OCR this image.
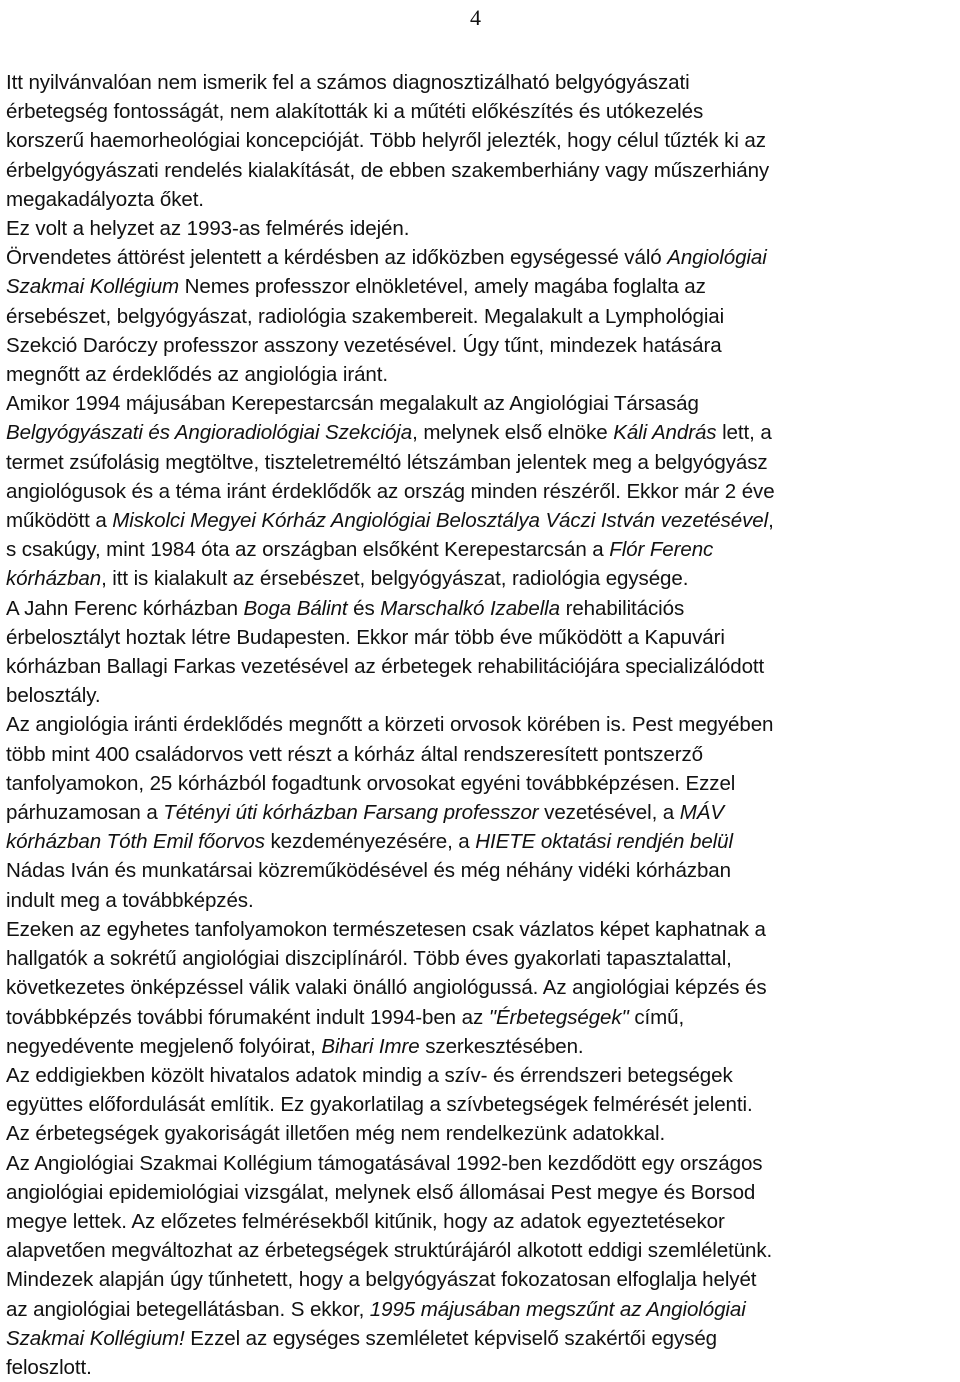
4
Itt nyilvánvalóan nem ismerik fel a számos diagnosztizálható belgyógyászati
érbetegség fontosságát, nem alakították ki a műtéti előkészítés és utókezelés
korszerű haemorheológiai koncepcióját. Több helyről jelezték, hogy célul tűzték ki az
érbelgyógyászati rendelés kialakítását, de ebben szakemberhiány vagy műszerhiány
megakadályozta őket.
Ez volt a helyzet az 1993-as felmérés idején.
Örvendetes áttörést jelentett a kérdésben az időközben egységessé váló Angiológiai
Szakmai Kollégium Nemes professzor elnökletével, amely magába foglalta az
érsebészet, belgyógyászat, radiológia szakembereit. Megalakult a Lymphológiai
Szekció Daróczy professzor asszony vezetésével. Úgy tűnt, mindezek hatására
megnőtt az érdeklődés az angiológia iránt.
Amikor 1994 májusában Kerepestarcsán megalakult az Angiológiai Társaság
Belgyógyászati és Angioradiológiai Szekciója, melynek első elnöke Káli András lett, a
termet zsúfolásig megtöltve, tiszteletreméltó létszámban jelentek meg a belgyógyász
angiológusok és a téma iránt érdeklődők az ország minden részéről. Ekkor már 2 éve
működött a Miskolci Megyei Kórház Angiológiai Belosztálya Váczi István vezetésével,
s csakúgy, mint 1984 óta az országban elsőként Kerepestarcsán a Flór Ferenc
kórházban, itt is kialakult az érsebészet, belgyógyászat, radiológia egysége.
A Jahn Ferenc kórházban Boga Bálint és Marschalkó Izabella rehabilitációs
érbelosztályt hoztak létre Budapesten. Ekkor már több éve működött a Kapuvári
kórházban Ballagi Farkas vezetésével az érbetegek rehabilitációjára specializálódott
belosztály.
Az angiológia iránti érdeklődés megnőtt a körzeti orvosok körében is. Pest megyében
több mint 400 családorvos vett részt a kórház által rendszeresített pontszerző
tanfolyamokon, 25 kórházból fogadtunk orvosokat egyéni továbbképzésen. Ezzel
párhuzamosan a Tétényi úti kórházban Farsang professzor vezetésével, a MÁV
kórházban Tóth Emil főorvos kezdeményezésére, a HIETE oktatási rendjén belül
Nádas Iván és munkatársai közreműködésével és még néhány vidéki kórházban
indult meg a továbbképzés.
Ezeken az egyhetes tanfolyamokon természetesen csak vázlatos képet kaphatnak a
hallgatók a sokrétű angiológiai diszciplínáról. Több éves gyakorlati tapasztalattal,
következetes önképzéssel válik valaki önálló angiológussá. Az angiológiai képzés és
továbbképzés további fórumaként indult 1994-ben az "Érbetegségek" című,
negyedévente megjelenő folyóirat, Bihari Imre szerkesztésében.
Az eddigiekben közölt hivatalos adatok mindig a szív- és érrendszeri betegségek
együttes előfordulását említik. Ez gyakorlatilag a szívbetegségek felmérését jelenti.
Az érbetegségek gyakoriságát illetően még nem rendelkezünk adatokkal.
Az Angiológiai Szakmai Kollégium támogatásával 1992-ben kezdődött egy országos
angiológiai epidemiológiai vizsgálat, melynek első állomásai Pest megye és Borsod
megye lettek. Az előzetes felmérésekből kitűnik, hogy az adatok egyeztetésekor
alapvetően megváltozhat az érbetegségek struktúrájáról alkotott eddigi szemléletünk.
Mindezek alapján úgy tűnhetett, hogy a belgyógyászat fokozatosan elfoglalja helyét
az angiológiai betegellátásban. S ekkor, 1995 májusában megszűnt az Angiológiai
Szakmai Kollégium! Ezzel az egységes szemléletet képviselő szakértői egység
feloszlott.
